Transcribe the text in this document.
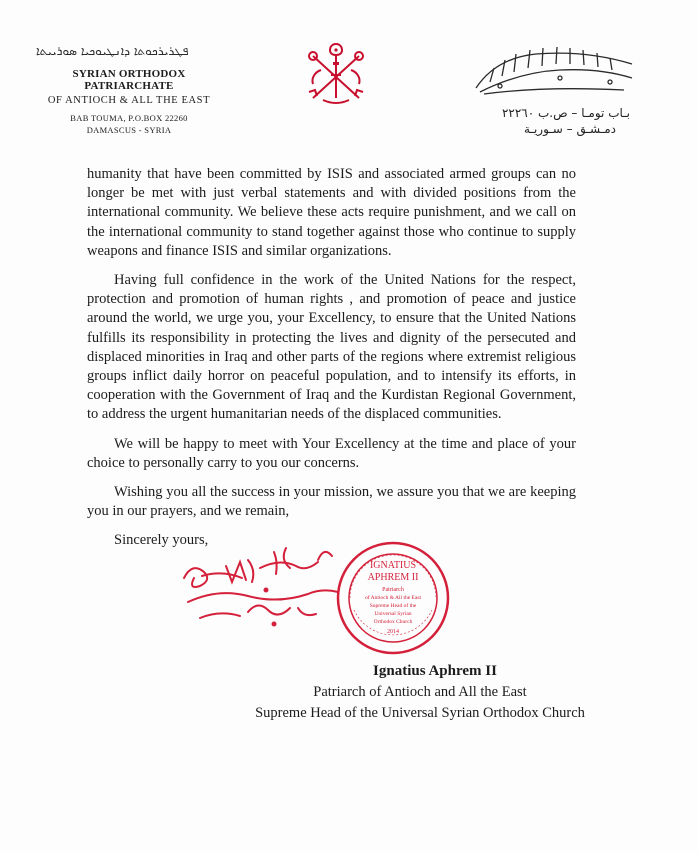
ܦܛܪܝܪܟܘܬܐ ܕܐܢܛܝܘܟܝܐ ܣܘܪܝܝܬܐ
SYRIAN ORTHODOX PATRIARCHATE
OF ANTIOCH & ALL THE EAST
BAB TOUMA, P.O.BOX 22260
DAMASCUS - SYRIA
بـاب تومـا – ص.ب ٢٢٢٦٠
دمـشـق – سـوريـة

humanity that have been committed by ISIS and associated armed groups can no longer be met with just verbal statements and with divided positions from the international community. We believe these acts require punishment, and we call on the international community to stand together against those who continue to supply weapons and finance ISIS and similar organizations.

Having full confidence in the work of the United Nations for the respect, protection and promotion of human rights , and promotion of peace and justice around the world, we urge you, your Excellency, to ensure that the United Nations fulfills its responsibility in protecting the lives and dignity of the persecuted and displaced minorities in Iraq and other parts of the regions where extremist religious groups inflict daily horror on peaceful population, and to intensify its efforts, in cooperation with the Government of Iraq and the Kurdistan Regional Government, to address the urgent humanitarian needs of the displaced communities.

We will be happy to meet with Your Excellency at the time and place of your choice to personally carry to you our concerns.

Wishing you all the success in your mission, we assure you that we are keeping you in our prayers, and we remain,

Sincerely yours,

IGNATIUS
APHREM II
Patriarch
of Antioch & All the East
Supreme Head of the
Universal Syrian
Orthodox Church
2014
Ignatius Aphrem II
Patriarch of Antioch and All the East
Supreme Head of the Universal Syrian Orthodox Church
